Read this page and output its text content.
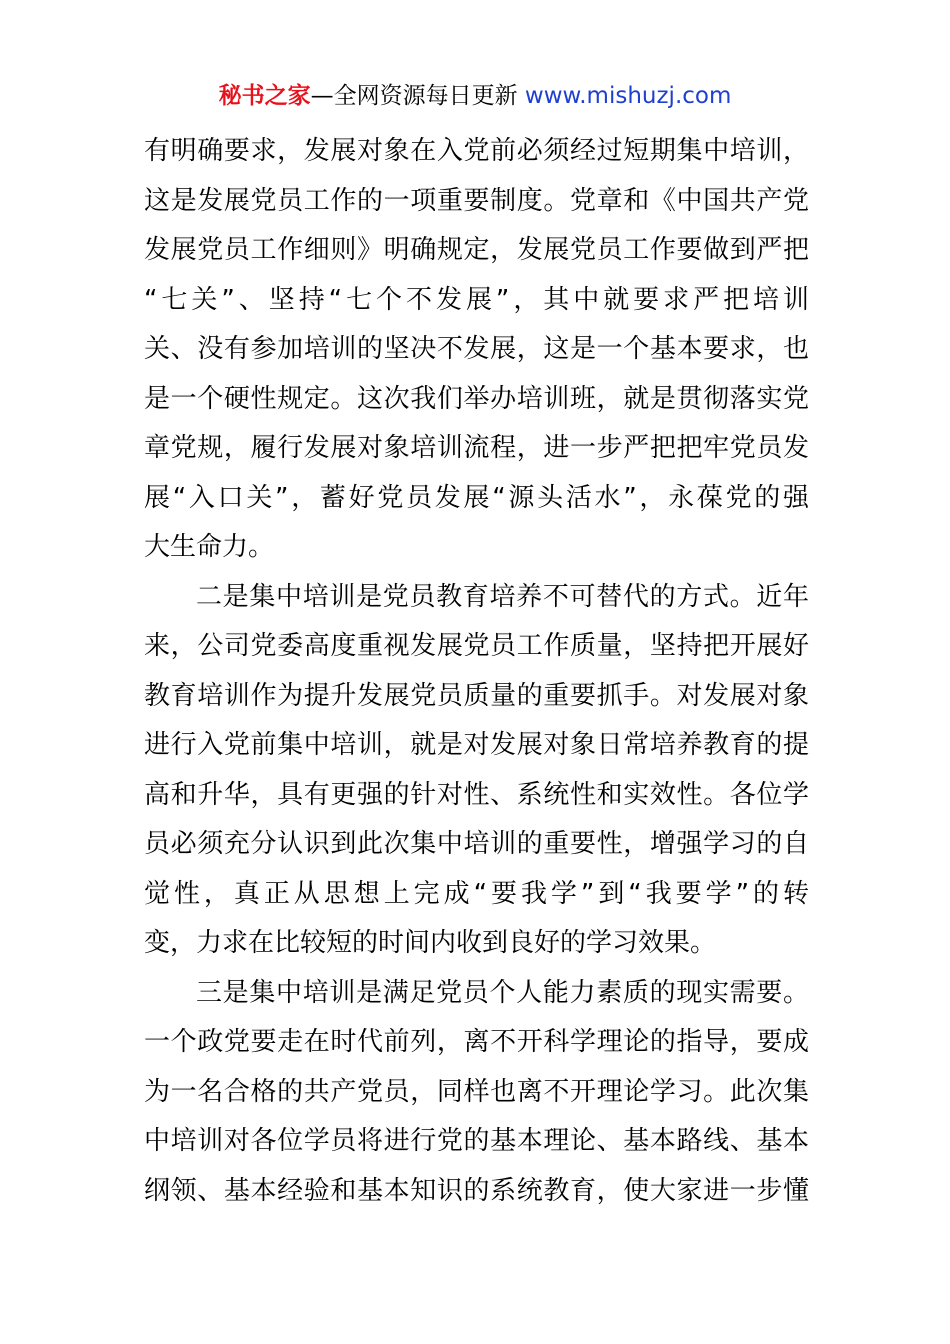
秘书之家—全网资源每日更新 www.mishuzj.com
有明确要求，发展对象在入党前必须经过短期集中培训，
这是发展党员工作的一项重要制度。党章和《中国共产党
发展党员工作细则》明确规定，发展党员工作要做到严把
“七关”、坚持“七个不发展”，其中就要求严把培训
关、没有参加培训的坚决不发展，这是一个基本要求，也
是一个硬性规定。这次我们举办培训班，就是贯彻落实党
章党规，履行发展对象培训流程，进一步严把把牢党员发
展“入口关”，蓄好党员发展“源头活水”，永葆党的强
大生命力。
二是集中培训是党员教育培养不可替代的方式。近年
来，公司党委高度重视发展党员工作质量，坚持把开展好
教育培训作为提升发展党员质量的重要抓手。对发展对象
进行入党前集中培训，就是对发展对象日常培养教育的提
高和升华，具有更强的针对性、系统性和实效性。各位学
员必须充分认识到此次集中培训的重要性，增强学习的自
觉性，真正从思想上完成“要我学”到“我要学”的转
变，力求在比较短的时间内收到良好的学习效果。
三是集中培训是满足党员个人能力素质的现实需要。
一个政党要走在时代前列，离不开科学理论的指导，要成
为一名合格的共产党员，同样也离不开理论学习。此次集
中培训对各位学员将进行党的基本理论、基本路线、基本
纲领、基本经验和基本知识的系统教育，使大家进一步懂
